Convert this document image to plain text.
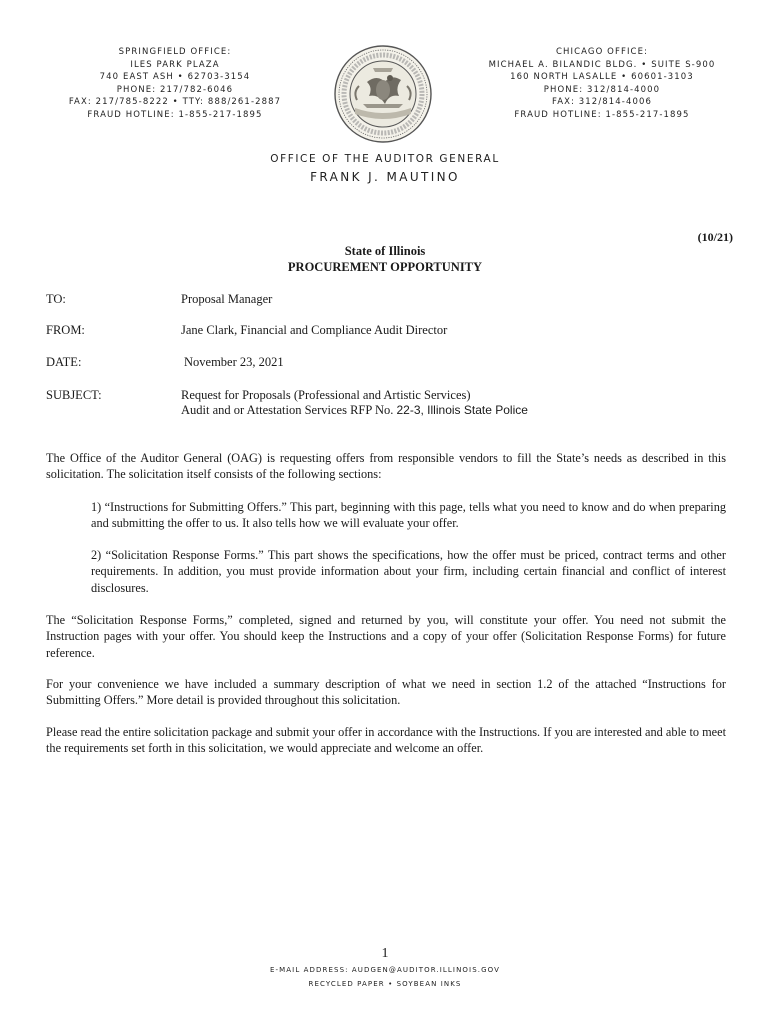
SPRINGFIELD OFFICE:
ILES PARK PLAZA
740 EAST ASH • 62703-3154
PHONE: 217/782-6046
FAX: 217/785-8222 • TTY: 888/261-2887
FRAUD HOTLINE: 1-855-217-1895
CHICAGO OFFICE:
MICHAEL A. BILANDIC BLDG. • SUITE S-900
160 NORTH LASALLE • 60601-3103
PHONE: 312/814-4000
FAX: 312/814-4006
FRAUD HOTLINE: 1-855-217-1895
OFFICE OF THE AUDITOR GENERAL
FRANK J. MAUTINO
(10/21)
State of Illinois
PROCUREMENT OPPORTUNITY
TO:	Proposal Manager
FROM:	Jane Clark, Financial and Compliance Audit Director
DATE:	November 23, 2021
SUBJECT:	Request for Proposals (Professional and Artistic Services)
Audit and or Attestation Services RFP No. 22-3, Illinois State Police

The Office of the Auditor General (OAG) is requesting offers from responsible vendors to fill the State’s needs as described in this solicitation. The solicitation itself consists of the following sections:

1) “Instructions for Submitting Offers.” This part, beginning with this page, tells what you need to know and do when preparing and submitting the offer to us. It also tells how we will evaluate your offer.

2) “Solicitation Response Forms.” This part shows the specifications, how the offer must be priced, contract terms and other requirements. In addition, you must provide information about your firm, including certain financial and conflict of interest disclosures.

The “Solicitation Response Forms,” completed, signed and returned by you, will constitute your offer. You need not submit the Instruction pages with your offer. You should keep the Instructions and a copy of your offer (Solicitation Response Forms) for future reference.

For your convenience we have included a summary description of what we need in section 1.2 of the attached “Instructions for Submitting Offers.” More detail is provided throughout this solicitation.

Please read the entire solicitation package and submit your offer in accordance with the Instructions. If you are interested and able to meet the requirements set forth in this solicitation, we would appreciate and welcome an offer.

1
E-MAIL ADDRESS: AUDGEN@AUDITOR.ILLINOIS.GOV
RECYCLED PAPER • SOYBEAN INKS
